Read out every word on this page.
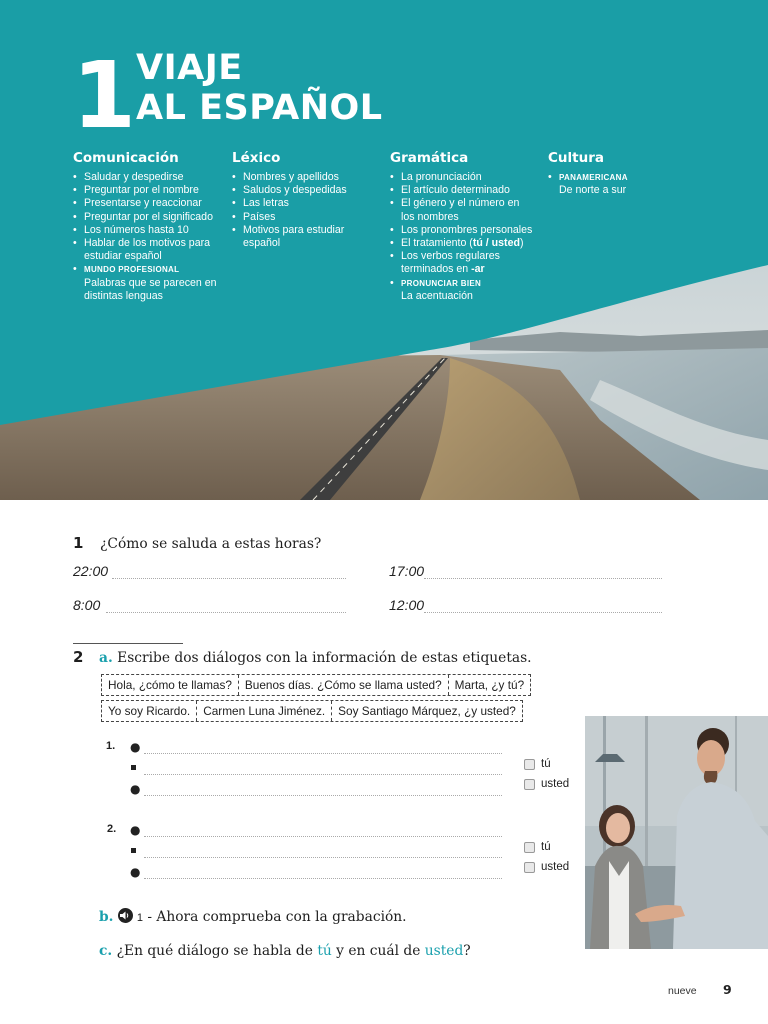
1 VIAJE
AL ESPAÑOL
Comunicación
• Saludar y despedirse
• Preguntar por el nombre
• Presentarse y reaccionar
• Preguntar por el significado
• Los números hasta 10
• Hablar de los motivos para
estudiar español
• MUNDO PROFESIONAL
Palabras que se parecen en
distintas lenguas
Léxico
• Nombres y apellidos
• Saludos y despedidas
• Las letras
• Países
• Motivos para estudiar
español
Gramática
• La pronunciación
• El artículo determinado
• El género y el número en
los nombres
• Los pronombres personales
• El tratamiento (tú / usted)
• Los verbos regulares
terminados en -ar
• PRONUNCIAR BIEN
La acentuación
Cultura
• PANAMERICANA
De norte a sur
1 ¿Cómo se saluda a estas horas?
22:00	17:00
8:00	12:00
2 a. Escribe dos diálogos con la información de estas etiquetas.
Hola, ¿cómo te llamas?	Buenos días. ¿Cómo se llama usted?	Marta, ¿y tú?
Yo soy Ricardo.	Carmen Luna Jiménez.	Soy Santiago Márquez, ¿y usted?
1. ●
●
tú
usted
2. ●
●
tú
usted
b. 1 - Ahora comprueba con la grabación.
c. ¿En qué diálogo se habla de tú y en cuál de usted?
nueve 9
